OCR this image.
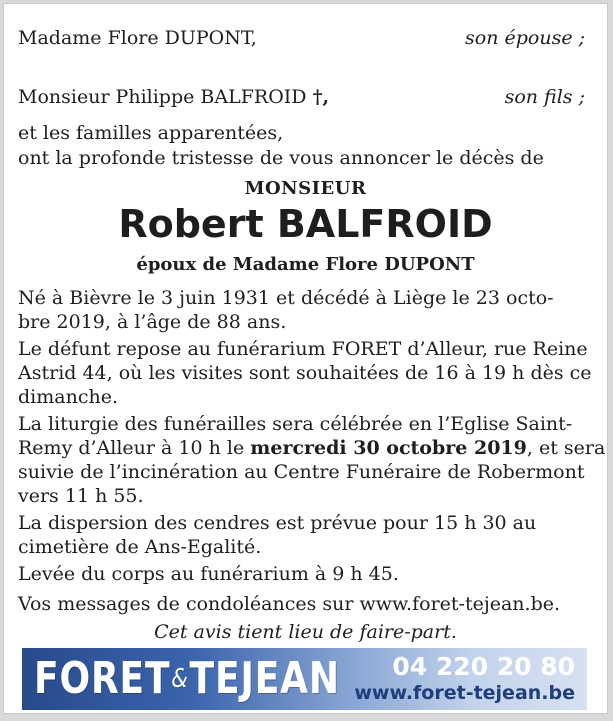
Madame Flore DUPONT,	son épouse ;
Monsieur Philippe BALFROID †,	son fils ;
et les familles apparentées,
ont la profonde tristesse de vous annoncer le décès de
MONSIEUR
Robert BALFROID
époux de Madame Flore DUPONT
Né à Bièvre le 3 juin 1931 et décédé à Liège le 23 octo-
bre 2019, à l’âge de 88 ans.
Le défunt repose au funérarium FORET d’Alleur, rue Reine
Astrid 44, où les visites sont souhaitées de 16 à 19 h dès ce
dimanche.
La liturgie des funérailles sera célébrée en l’Eglise Saint-
Remy d’Alleur à 10 h le mercredi 30 octobre 2019, et sera
suivie de l’incinération au Centre Funéraire de Robermont
vers 11 h 55.
La dispersion des cendres est prévue pour 15 h 30 au
cimetière de Ans-Egalité.
Levée du corps au funérarium à 9 h 45.
Vos messages de condoléances sur www.foret-tejean.be.
Cet avis tient lieu de faire-part.
FORET&TEJEAN 04 220 20 80
www.foret-tejean.be
